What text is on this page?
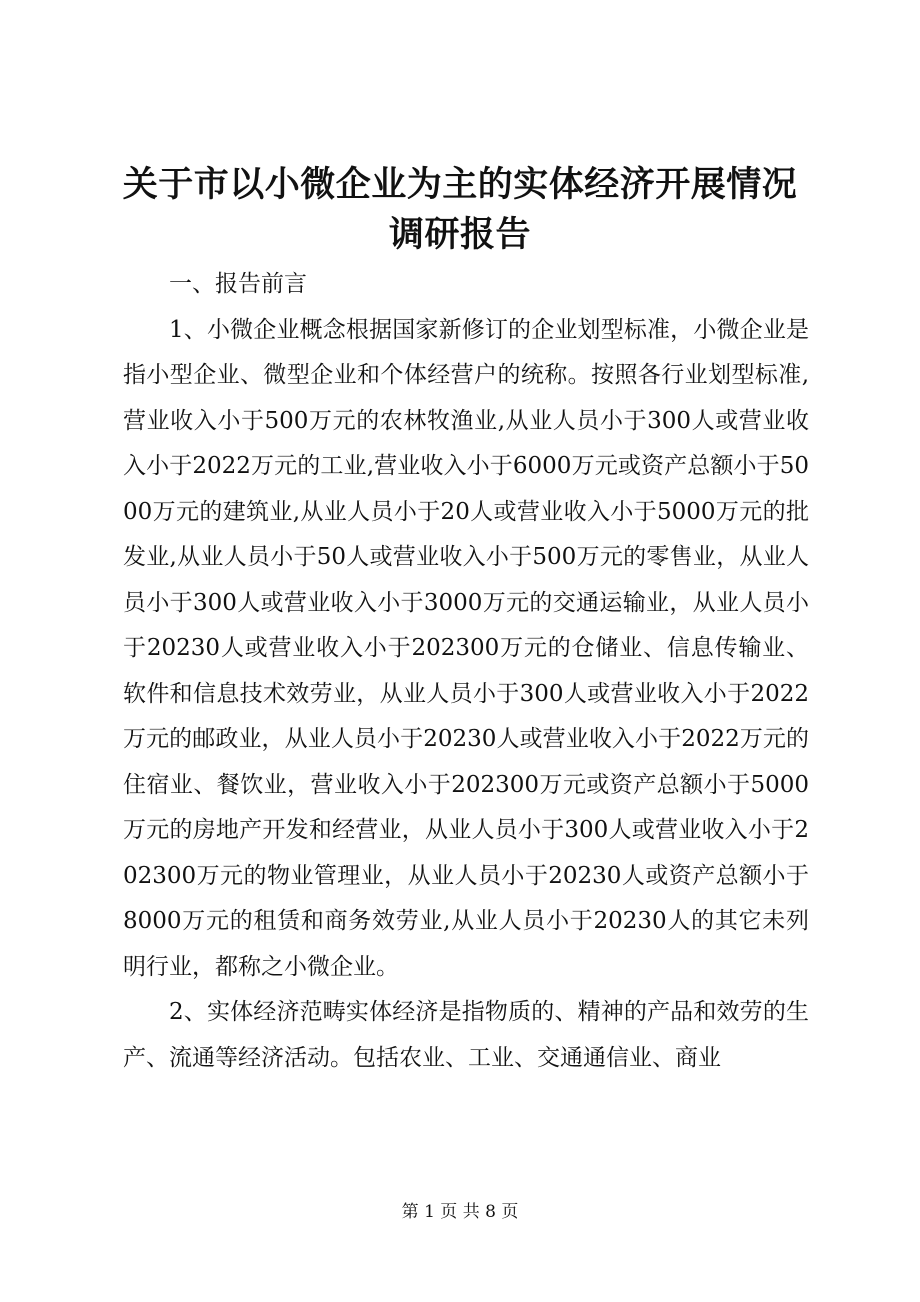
关于市以小微企业为主的实体经济开展情况调研报告

一、报告前言

1、小微企业概念根据国家新修订的企业划型标准，小微企业是指小型企业、微型企业和个体经营户的统称。按照各行业划型标准,营业收入小于500万元的农林牧渔业,从业人员小于300人或营业收入小于2022万元的工业,营业收入小于6000万元或资产总额小于5000万元的建筑业,从业人员小于20人或营业收入小于5000万元的批发业,从业人员小于50人或营业收入小于500万元的零售业，从业人员小于300人或营业收入小于3000万元的交通运输业，从业人员小于20230人或营业收入小于202300万元的仓储业、信息传输业、软件和信息技术效劳业，从业人员小于300人或营业收入小于2022万元的邮政业，从业人员小于20230人或营业收入小于2022万元的住宿业、餐饮业，营业收入小于202300万元或资产总额小于5000万元的房地产开发和经营业，从业人员小于300人或营业收入小于202300万元的物业管理业，从业人员小于20230人或资产总额小于8000万元的租赁和商务效劳业,从业人员小于20230人的其它未列明行业，都称之小微企业。

2、实体经济范畴实体经济是指物质的、精神的产品和效劳的生产、流通等经济活动。包括农业、工业、交通通信业、商业

第 1 页 共 8 页
